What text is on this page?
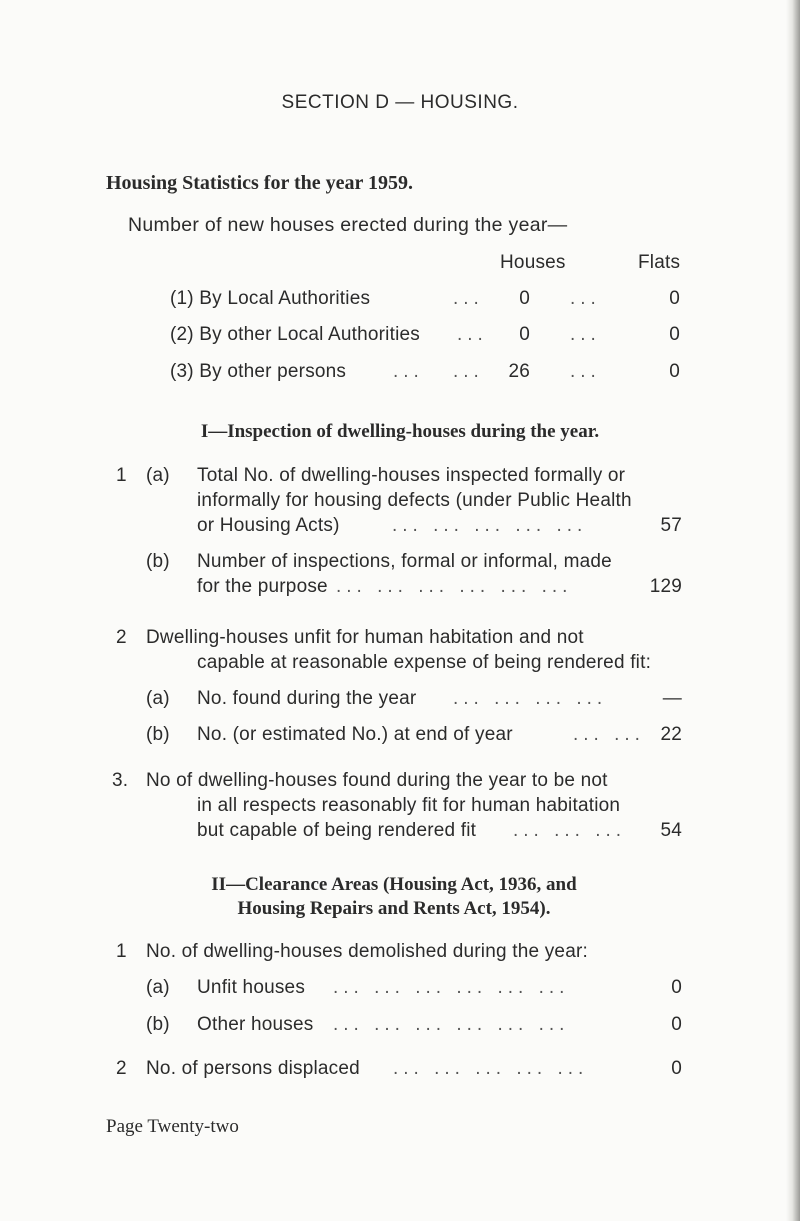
SECTION D — HOUSING.
Housing Statistics for the year 1959.
Number of new houses erected during the year—
Houses	Flats
(1) By Local Authorities	...	0 ...	0
(2) By other Local Authorities ...	0 ...	0
(3) By other persons ... ...	26 ...	0
I—Inspection of dwelling-houses during the year.
1 (a) Total No. of dwelling-houses inspected formally or
informally for housing defects (under Public Health
or Housing Acts)	... ... ... ... ...	57
(b) Number of inspections, formal or informal, made
for the purpose ... ... ... ... ... ...	129
2 Dwelling-houses unfit for human habitation and not
capable at reasonable expense of being rendered fit:
(a) No. found during the year ... ... ... ...	—
(b) No. (or estimated No.) at end of year	... ... 22
3. No of dwelling-houses found during the year to be not
in all respects reasonably fit for human habitation
but capable of being rendered fit ... ... ...	54
II—Clearance Areas (Housing Act, 1936, and
Housing Repairs and Rents Act, 1954).
1 No. of dwelling-houses demolished during the year:
(a) Unfit houses ... ... ... ... ... ...	0
(b) Other houses ... ... ... ... ... ...	0
2 No. of persons displaced ... ... ... ... ...	0
Page Twenty-two
